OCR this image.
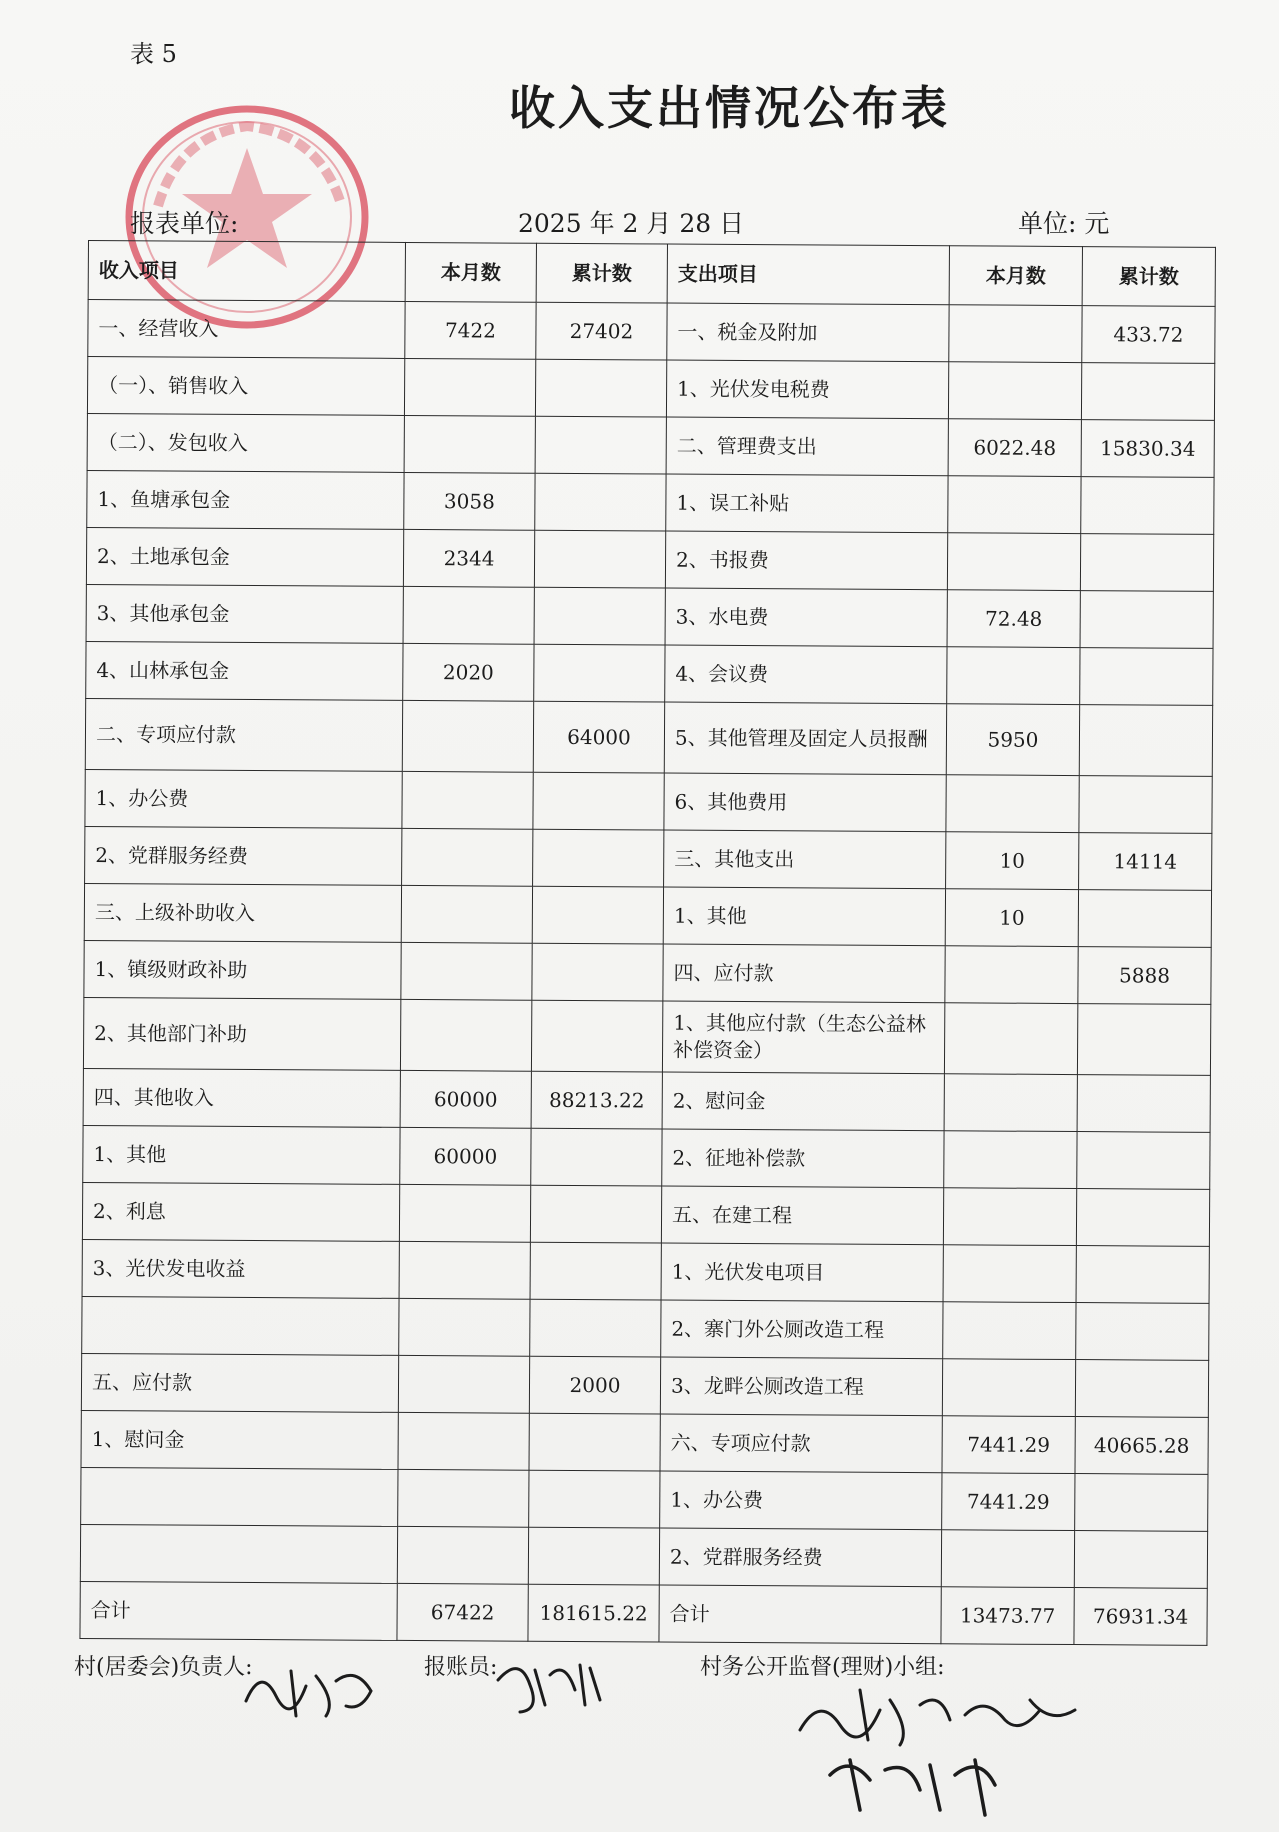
表 5
收入支出情况公布表
报表单位:	2025 年 2 月 28 日	单位: 元
收入项目	本月数	累计数	支出项目	本月数	累计数
一、经营收入	7422	27402	一、税金及附加		433.72
（一）、销售收入			1、光伏发电税费		
（二）、发包收入			二、管理费支出	6022.48	15830.34
1、鱼塘承包金	3058		1、误工补贴		
2、土地承包金	2344		2、书报费		
3、其他承包金			3、水电费	72.48	
4、山林承包金	2020		4、会议费		
二、专项应付款		64000	5、其他管理及固定人员报酬	5950	
1、办公费			6、其他费用		
2、党群服务经费			三、其他支出	10	14114
三、上级补助收入			1、其他	10	
1、镇级财政补助			四、应付款		5888
2、其他部门补助			1、其他应付款（生态公益林补偿资金）		
四、其他收入	60000	88213.22	2、慰问金		
1、其他	60000		2、征地补偿款		
2、利息			五、在建工程		
3、光伏发电收益			1、光伏发电项目		
			2、寨门外公厕改造工程		
五、应付款		2000	3、龙畔公厕改造工程		
1、慰问金			六、专项应付款	7441.29	40665.28
			1、办公费	7441.29	
			2、党群服务经费		
合计	67422	181615.22	合计	13473.77	76931.34
村(居委会)负责人:	报账员:	村务公开监督(理财)小组:
